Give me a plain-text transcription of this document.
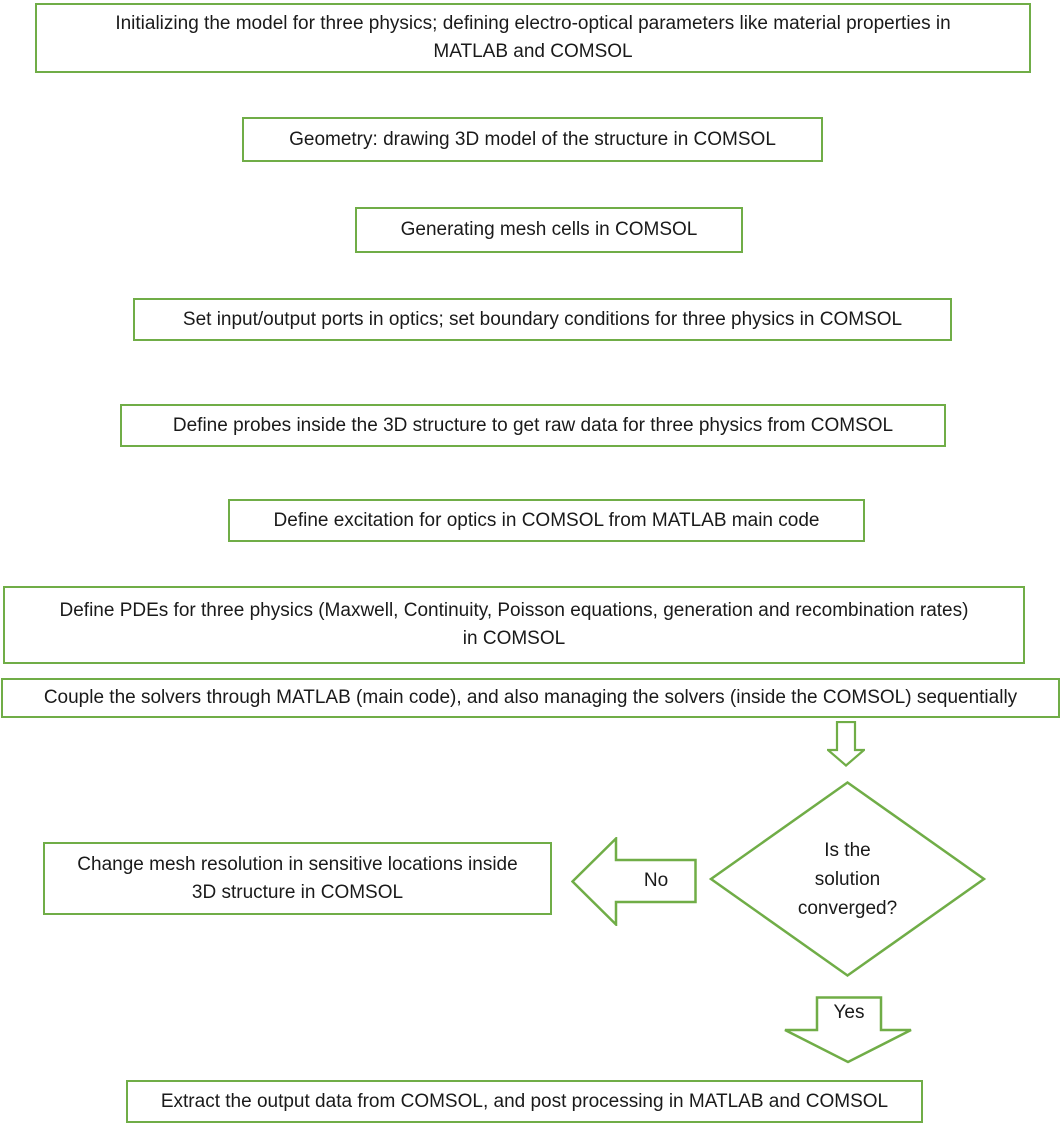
Initializing the model for three physics; defining electro-optical parameters like material properties in
MATLAB and COMSOL
Geometry: drawing 3D model of the structure in COMSOL
Generating mesh cells in COMSOL
Set input/output ports in optics; set boundary conditions for three physics in COMSOL
Define probes inside the 3D structure to get raw data for three physics from COMSOL
Define excitation for optics in COMSOL from MATLAB main code
Define PDEs for three physics (Maxwell, Continuity, Poisson equations, generation and recombination rates)
in COMSOL
Couple the solvers through MATLAB (main code), and also managing the solvers (inside the COMSOL) sequentially
Is the
solution
converged?
Change mesh resolution in sensitive locations inside
3D structure in COMSOL
No
Yes
Extract the output data from COMSOL, and post processing in MATLAB and COMSOL
